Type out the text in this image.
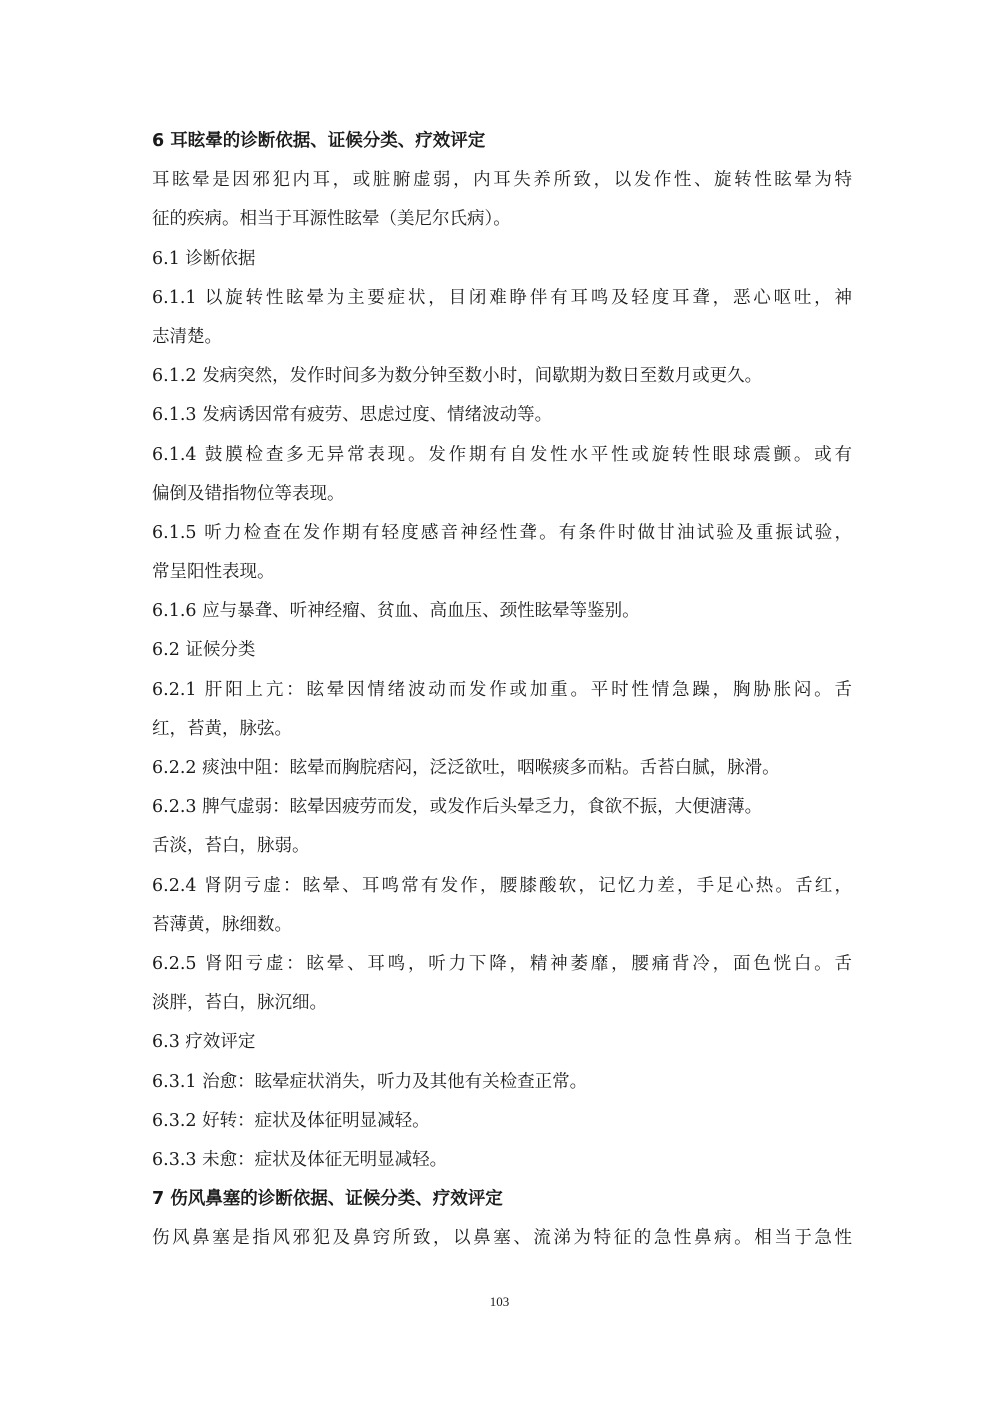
6 耳眩晕的诊断依据、证候分类、疗效评定
耳眩晕是因邪犯内耳，或脏腑虚弱，内耳失养所致，以发作性、旋转性眩晕为特
征的疾病。相当于耳源性眩晕（美尼尔氏病）。
6.1 诊断依据
6.1.1 以旋转性眩晕为主要症状，目闭难睁伴有耳鸣及轻度耳聋，恶心呕吐，神
志清楚。
6.1.2 发病突然，发作时间多为数分钟至数小时，间歇期为数日至数月或更久。
6.1.3 发病诱因常有疲劳、思虑过度、情绪波动等。
6.1.4 鼓膜检查多无异常表现。发作期有自发性水平性或旋转性眼球震颤。或有
偏倒及错指物位等表现。
6.1.5 听力检查在发作期有轻度感音神经性聋。有条件时做甘油试验及重振试验，
常呈阳性表现。
6.1.6 应与暴聋、听神经瘤、贫血、高血压、颈性眩晕等鉴别。
6.2 证候分类
6.2.1 肝阳上亢：眩晕因情绪波动而发作或加重。平时性情急躁，胸胁胀闷。舌
红，苔黄，脉弦。
6.2.2 痰浊中阻：眩晕而胸脘痞闷，泛泛欲吐，咽喉痰多而粘。舌苔白腻，脉滑。
6.2.3 脾气虚弱：眩晕因疲劳而发，或发作后头晕乏力，食欲不振，大便溏薄。
舌淡，苔白，脉弱。
6.2.4 肾阴亏虚：眩晕、耳鸣常有发作，腰膝酸软，记忆力差，手足心热。舌红，
苔薄黄，脉细数。
6.2.5 肾阳亏虚：眩晕、耳鸣，听力下降，精神萎靡，腰痛背冷，面色恍白。舌
淡胖，苔白，脉沉细。
6.3 疗效评定
6.3.1 治愈：眩晕症状消失，听力及其他有关检查正常。
6.3.2 好转：症状及体征明显减轻。
6.3.3 未愈：症状及体征无明显减轻。
7 伤风鼻塞的诊断依据、证候分类、疗效评定
伤风鼻塞是指风邪犯及鼻窍所致，以鼻塞、流涕为特征的急性鼻病。相当于急性
103
